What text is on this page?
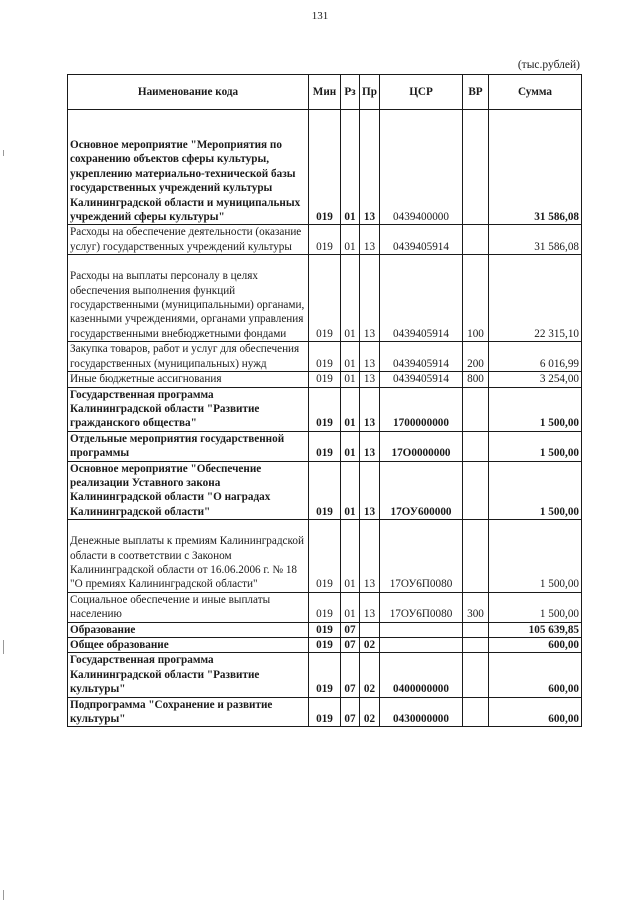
131
(тыс.рублей)
Наименование кода	Мин	Рз	Пр	ЦСР	ВР	Сумма

Основное мероприятие "Мероприятия по сохранению объектов сферы культуры, укреплению материально-технической базы государственных учреждений культуры Калининградской области и муниципальных учреждений сферы культуры"	019	01	13	0439400000		31 586,08
Расходы на обеспечение деятельности (оказание услуг) государственных учреждений культуры	019	01	13	0439405914		31 586,08

Расходы на выплаты персоналу в целях обеспечения выполнения функций государственными (муниципальными) органами, казенными учреждениями, органами управления государственными внебюджетными фондами	019	01	13	0439405914	100	22 315,10
Закупка товаров, работ и услуг для обеспечения государственных (муниципальных) нужд	019	01	13	0439405914	200	6 016,99
Иные бюджетные ассигнования	019	01	13	0439405914	800	3 254,00
Государственная программа Калининградской области "Развитие гражданского общества"	019	01	13	1700000000		1 500,00
Отдельные мероприятия государственной программы	019	01	13	17О0000000		1 500,00
Основное мероприятие "Обеспечение реализации Уставного закона Калининградской области "О наградах Калининградской области"	019	01	13	17ОУ600000		1 500,00

Денежные выплаты к премиям Калининградской области в соответствии с Законом Калининградской области от 16.06.2006 г. № 18 "О премиях Калининградской области"	019	01	13	17ОУ6П0080		1 500,00
Социальное обеспечение и иные выплаты населению	019	01	13	17ОУ6П0080	300	1 500,00
Образование	019	07				105 639,85
Общее образование	019	07	02			600,00
Государственная программа Калининградской области "Развитие культуры"	019	07	02	0400000000		600,00
Подпрограмма "Сохранение и развитие культуры"	019	07	02	0430000000		600,00
